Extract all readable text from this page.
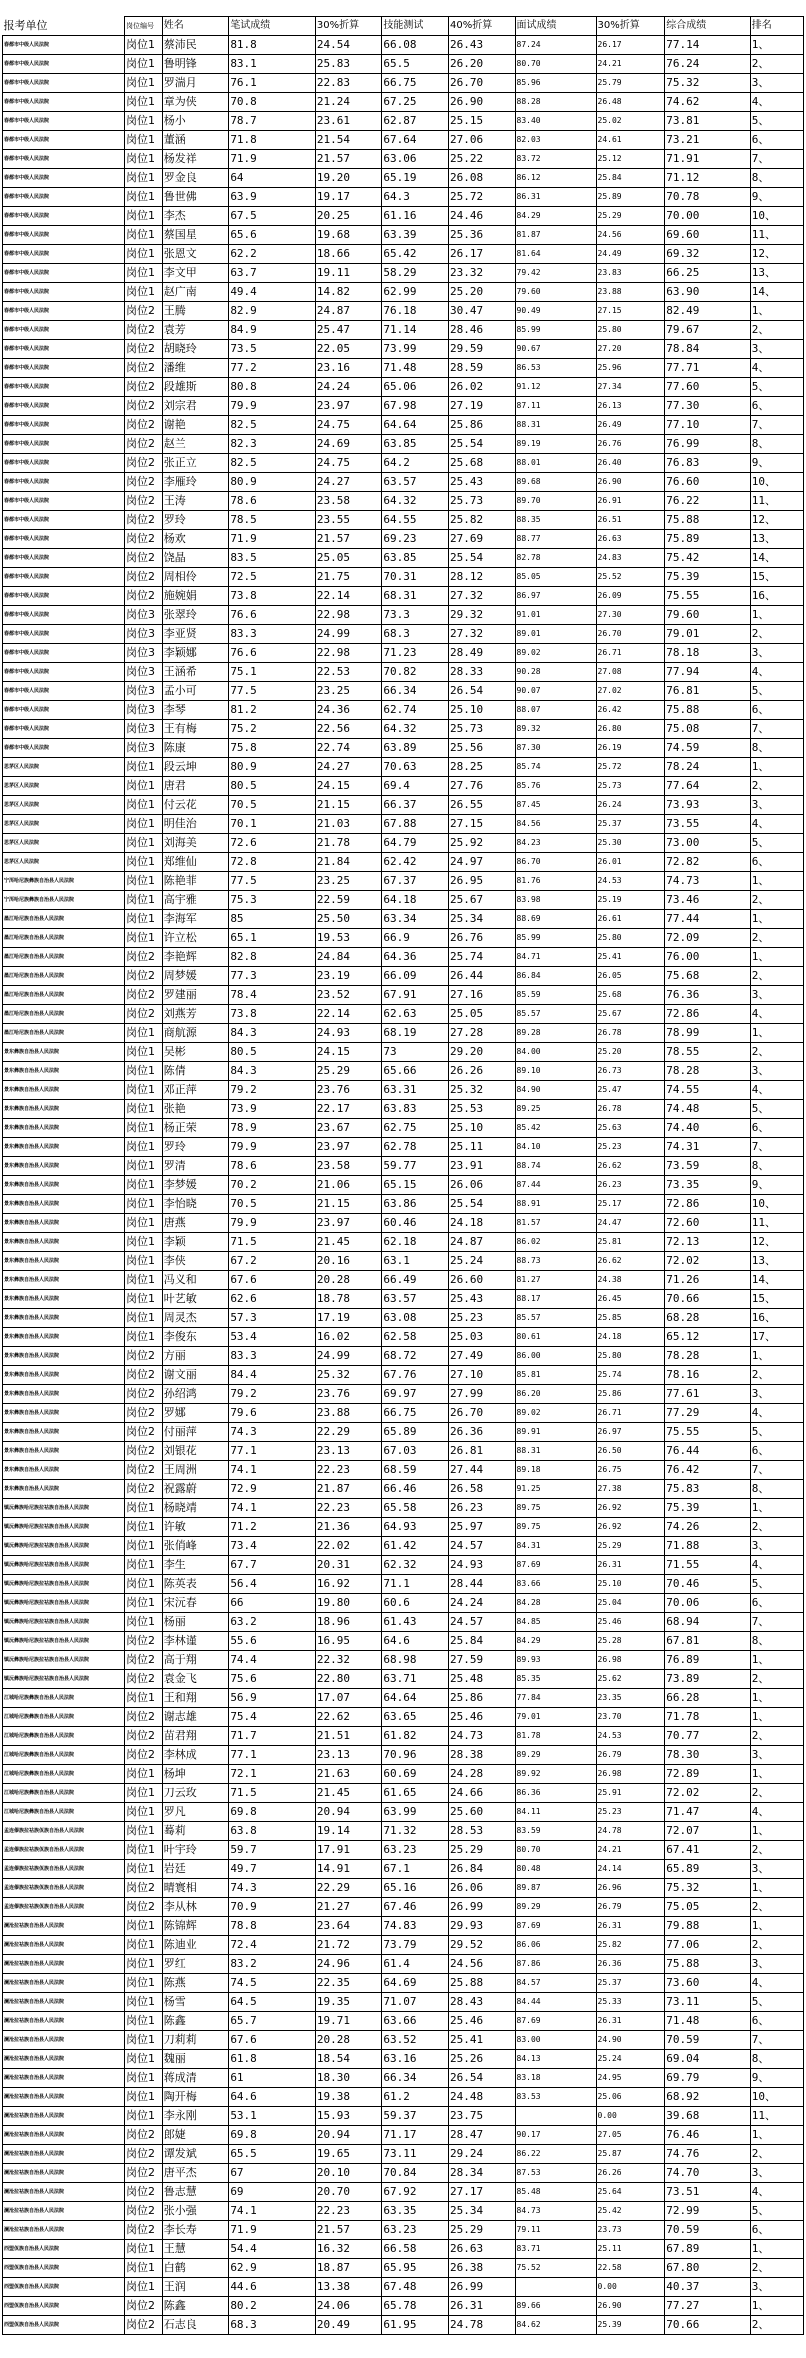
报考单位	岗位编号	姓名	笔试成绩	30%折算	技能测试	40%折算	面试成绩	30%折算	综合成绩	排名
春都市中级人民法院	岗位1	蔡沛民	81.8	24.54	66.08	26.43	87.24	26.17	77.14	1、
春都市中级人民法院	岗位1	鲁明锋	83.1	25.83	65.5	26.20	80.70	24.21	76.24	2、
春都市中级人民法院	岗位1	罗湍月	76.1	22.83	66.75	26.70	85.96	25.79	75.32	3、
春都市中级人民法院	岗位1	章为侠	70.8	21.24	67.25	26.90	88.28	26.48	74.62	4、
春都市中级人民法院	岗位1	杨小	78.7	23.61	62.87	25.15	83.40	25.02	73.81	5、
春都市中级人民法院	岗位1	董涵	71.8	21.54	67.64	27.06	82.03	24.61	73.21	6、
春都市中级人民法院	岗位1	杨发祥	71.9	21.57	63.06	25.22	83.72	25.12	71.91	7、
春都市中级人民法院	岗位1	罗金良	64	19.20	65.19	26.08	86.12	25.84	71.12	8、
春都市中级人民法院	岗位1	鲁世佛	63.9	19.17	64.3	25.72	86.31	25.89	70.78	9、
春都市中级人民法院	岗位1	李杰	67.5	20.25	61.16	24.46	84.29	25.29	70.00	10、
春都市中级人民法院	岗位1	蔡国星	65.6	19.68	63.39	25.36	81.87	24.56	69.60	11、
春都市中级人民法院	岗位1	张恩文	62.2	18.66	65.42	26.17	81.64	24.49	69.32	12、
春都市中级人民法院	岗位1	李文甲	63.7	19.11	58.29	23.32	79.42	23.83	66.25	13、
春都市中级人民法院	岗位1	赵广南	49.4	14.82	62.99	25.20	79.60	23.88	63.90	14、
春都市中级人民法院	岗位2	王腾	82.9	24.87	76.18	30.47	90.49	27.15	82.49	1、
春都市中级人民法院	岗位2	袁芳	84.9	25.47	71.14	28.46	85.99	25.80	79.67	2、
春都市中级人民法院	岗位2	胡晓玲	73.5	22.05	73.99	29.59	90.67	27.20	78.84	3、
春都市中级人民法院	岗位2	潘维	77.2	23.16	71.48	28.59	86.53	25.96	77.71	4、
春都市中级人民法院	岗位2	段雄斯	80.8	24.24	65.06	26.02	91.12	27.34	77.60	5、
春都市中级人民法院	岗位2	刘宗君	79.9	23.97	67.98	27.19	87.11	26.13	77.30	6、
春都市中级人民法院	岗位2	谢艳	82.5	24.75	64.64	25.86	88.31	26.49	77.10	7、
春都市中级人民法院	岗位2	赵兰	82.3	24.69	63.85	25.54	89.19	26.76	76.99	8、
春都市中级人民法院	岗位2	张正立	82.5	24.75	64.2	25.68	88.01	26.40	76.83	9、
春都市中级人民法院	岗位2	李雁玲	80.9	24.27	63.57	25.43	89.68	26.90	76.60	10、
春都市中级人民法院	岗位2	王涛	78.6	23.58	64.32	25.73	89.70	26.91	76.22	11、
春都市中级人民法院	岗位2	罗玲	78.5	23.55	64.55	25.82	88.35	26.51	75.88	12、
春都市中级人民法院	岗位2	杨欢	71.9	21.57	69.23	27.69	88.77	26.63	75.89	13、
春都市中级人民法院	岗位2	饶晶	83.5	25.05	63.85	25.54	82.78	24.83	75.42	14、
春都市中级人民法院	岗位2	周相伶	72.5	21.75	70.31	28.12	85.05	25.52	75.39	15、
春都市中级人民法院	岗位2	施婉娟	73.8	22.14	68.31	27.32	86.97	26.09	75.55	16、
春都市中级人民法院	岗位3	张翠玲	76.6	22.98	73.3	29.32	91.01	27.30	79.60	1、
春都市中级人民法院	岗位3	李亚贤	83.3	24.99	68.3	27.32	89.01	26.70	79.01	2、
春都市中级人民法院	岗位3	李颖娜	76.6	22.98	71.23	28.49	89.02	26.71	78.18	3、
春都市中级人民法院	岗位3	王涵希	75.1	22.53	70.82	28.33	90.28	27.08	77.94	4、
春都市中级人民法院	岗位3	孟小可	77.5	23.25	66.34	26.54	90.07	27.02	76.81	5、
春都市中级人民法院	岗位3	李琴	81.2	24.36	62.74	25.10	88.07	26.42	75.88	6、
春都市中级人民法院	岗位3	王有梅	75.2	22.56	64.32	25.73	89.32	26.80	75.08	7、
春都市中级人民法院	岗位3	陈康	75.8	22.74	63.89	25.56	87.30	26.19	74.59	8、
思茅区人民法院	岗位1	段云坤	80.9	24.27	70.63	28.25	85.74	25.72	78.24	1、
思茅区人民法院	岗位1	唐君	80.5	24.15	69.4	27.76	85.76	25.73	77.64	2、
思茅区人民法院	岗位1	付云花	70.5	21.15	66.37	26.55	87.45	26.24	73.93	3、
思茅区人民法院	岗位1	明佳治	70.1	21.03	67.88	27.15	84.56	25.37	73.55	4、
思茅区人民法院	岗位1	刘海美	72.6	21.78	64.79	25.92	84.23	25.30	73.00	5、
思茅区人民法院	岗位1	郑维仙	72.8	21.84	62.42	24.97	86.70	26.01	72.82	6、
宁洱哈尼族彝族自治县人民法院	岗位1	陈艳菲	77.5	23.25	67.37	26.95	81.76	24.53	74.73	1、
宁洱哈尼族彝族自治县人民法院	岗位1	高宇雅	75.3	22.59	64.18	25.67	83.98	25.19	73.46	2、
墨江哈尼族自治县人民法院	岗位1	李海军	85	25.50	63.34	25.34	88.69	26.61	77.44	1、
墨江哈尼族自治县人民法院	岗位1	许立松	65.1	19.53	66.9	26.76	85.99	25.80	72.09	2、
墨江哈尼族自治县人民法院	岗位2	李艳辉	82.8	24.84	64.36	25.74	84.71	25.41	76.00	1、
墨江哈尼族自治县人民法院	岗位2	周梦媛	77.3	23.19	66.09	26.44	86.84	26.05	75.68	2、
墨江哈尼族自治县人民法院	岗位2	罗建丽	78.4	23.52	67.91	27.16	85.59	25.68	76.36	3、
墨江哈尼族自治县人民法院	岗位2	刘燕芳	73.8	22.14	62.63	25.05	85.57	25.67	72.86	4、
墨江哈尼族自治县人民法院	岗位1	商航源	84.3	24.93	68.19	27.28	89.28	26.78	78.99	1、
景东彝族自治县人民法院	岗位1	吴彬	80.5	24.15	73	29.20	84.00	25.20	78.55	2、
景东彝族自治县人民法院	岗位1	陈倩	84.3	25.29	65.66	26.26	89.10	26.73	78.28	3、
景东彝族自治县人民法院	岗位1	邓正萍	79.2	23.76	63.31	25.32	84.90	25.47	74.55	4、
景东彝族自治县人民法院	岗位1	张艳	73.9	22.17	63.83	25.53	89.25	26.78	74.48	5、
景东彝族自治县人民法院	岗位1	杨正荣	78.9	23.67	62.75	25.10	85.42	25.63	74.40	6、
景东彝族自治县人民法院	岗位1	罗玲	79.9	23.97	62.78	25.11	84.10	25.23	74.31	7、
景东彝族自治县人民法院	岗位1	罗清	78.6	23.58	59.77	23.91	88.74	26.62	73.59	8、
景东彝族自治县人民法院	岗位1	李梦媛	70.2	21.06	65.15	26.06	87.44	26.23	73.35	9、
景东彝族自治县人民法院	岗位1	李怡晓	70.5	21.15	63.86	25.54	88.91	25.17	72.86	10、
景东彝族自治县人民法院	岗位1	唐燕	79.9	23.97	60.46	24.18	81.57	24.47	72.60	11、
景东彝族自治县人民法院	岗位1	李颖	71.5	21.45	62.18	24.87	86.02	25.81	72.13	12、
景东彝族自治县人民法院	岗位1	李侠	67.2	20.16	63.1	25.24	88.73	26.62	72.02	13、
景东彝族自治县人民法院	岗位1	冯义和	67.6	20.28	66.49	26.60	81.27	24.38	71.26	14、
景东彝族自治县人民法院	岗位1	叶艺敏	62.6	18.78	63.57	25.43	88.17	26.45	70.66	15、
景东彝族自治县人民法院	岗位1	周灵杰	57.3	17.19	63.08	25.23	85.57	25.85	68.28	16、
景东彝族自治县人民法院	岗位1	李俊东	53.4	16.02	62.58	25.03	80.61	24.18	65.12	17、
景东彝族自治县人民法院	岗位2	方丽	83.3	24.99	68.72	27.49	86.00	25.80	78.28	1、
景东彝族自治县人民法院	岗位2	谢文丽	84.4	25.32	67.76	27.10	85.81	25.74	78.16	2、
景东彝族自治县人民法院	岗位2	孙绍鸿	79.2	23.76	69.97	27.99	86.20	25.86	77.61	3、
景东彝族自治县人民法院	岗位2	罗娜	79.6	23.88	66.75	26.70	89.02	26.71	77.29	4、
景东彝族自治县人民法院	岗位2	付丽萍	74.3	22.29	65.89	26.36	89.91	26.97	75.55	5、
景东彝族自治县人民法院	岗位2	刘银花	77.1	23.13	67.03	26.81	88.31	26.50	76.44	6、
景东彝族自治县人民法院	岗位2	王周洲	74.1	22.23	68.59	27.44	89.18	26.75	76.42	7、
景东彝族自治县人民法院	岗位2	祝露蔚	72.9	21.87	66.46	26.58	91.25	27.38	75.83	8、
镇沅彝族哈尼族拉祜族自治县人民法院	岗位1	杨晓靖	74.1	22.23	65.58	26.23	89.75	26.92	75.39	1、
镇沅彝族哈尼族拉祜族自治县人民法院	岗位1	许敏	71.2	21.36	64.93	25.97	89.75	26.92	74.26	2、
镇沅彝族哈尼族拉祜族自治县人民法院	岗位1	张俏峰	73.4	22.02	61.42	24.57	84.31	25.29	71.88	3、
镇沅彝族哈尼族拉祜族自治县人民法院	岗位1	李生	67.7	20.31	62.32	24.93	87.69	26.31	71.55	4、
镇沅彝族哈尼族拉祜族自治县人民法院	岗位1	陈英表	56.4	16.92	71.1	28.44	83.66	25.10	70.46	5、
镇沅彝族哈尼族拉祜族自治县人民法院	岗位1	宋沅春	66	19.80	60.6	24.24	84.28	25.04	70.06	6、
镇沅彝族哈尼族拉祜族自治县人民法院	岗位1	杨丽	63.2	18.96	61.43	24.57	84.85	25.46	68.94	7、
镇沅彝族哈尼族拉祜族自治县人民法院	岗位2	李林谨	55.6	16.95	64.6	25.84	84.29	25.28	67.81	8、
镇沅彝族哈尼族拉祜族自治县人民法院	岗位2	高于翔	74.4	22.32	68.98	27.59	89.93	26.98	76.89	1、
镇沅彝族哈尼族拉祜族自治县人民法院	岗位2	袁金飞	75.6	22.80	63.71	25.48	85.35	25.62	73.89	2、
江城哈尼族彝族自治县人民法院	岗位1	王和翔	56.9	17.07	64.64	25.86	77.84	23.35	66.28	1、
江城哈尼族彝族自治县人民法院	岗位2	谢志雄	75.4	22.62	63.65	25.46	79.01	23.70	71.78	1、
江城哈尼族彝族自治县人民法院	岗位2	苗君翔	71.7	21.51	61.82	24.73	81.78	24.53	70.77	2、
江城哈尼族彝族自治县人民法院	岗位2	李林成	77.1	23.13	70.96	28.38	89.29	26.79	78.30	3、
江城哈尼族彝族自治县人民法院	岗位1	杨坤	72.1	21.63	60.69	24.28	89.92	26.98	72.89	1、
江城哈尼族彝族自治县人民法院	岗位1	刀云玫	71.5	21.45	61.65	24.66	86.36	25.91	72.02	2、
江城哈尼族彝族自治县人民法院	岗位1	罗凡	69.8	20.94	63.99	25.60	84.11	25.23	71.47	4、
孟连傣族拉祜族佤族自治县人民法院	岗位1	蓦莉	63.8	19.14	71.32	28.53	83.59	24.78	72.07	1、
孟连傣族拉祜族佤族自治县人民法院	岗位1	叶宇玲	59.7	17.91	63.23	25.29	80.70	24.21	67.41	2、
孟连傣族拉祜族佤族自治县人民法院	岗位1	岩廷	49.7	14.91	67.1	26.84	80.48	24.14	65.89	3、
孟连傣族拉祜族佤族自治县人民法院	岗位2	晴寰相	74.3	22.29	65.16	26.06	89.87	26.96	75.32	1、
孟连傣族拉祜族佤族自治县人民法院	岗位2	李从林	70.9	21.27	67.46	26.99	89.29	26.79	75.05	2、
澜沧拉祜族自治县人民法院	岗位1	陈锦辉	78.8	23.64	74.83	29.93	87.69	26.31	79.88	1、
澜沧拉祜族自治县人民法院	岗位1	陈迪业	72.4	21.72	73.79	29.52	86.06	25.82	77.06	2、
澜沧拉祜族自治县人民法院	岗位1	罗红	83.2	24.96	61.4	24.56	87.86	26.36	75.88	3、
澜沧拉祜族自治县人民法院	岗位1	陈燕	74.5	22.35	64.69	25.88	84.57	25.37	73.60	4、
澜沧拉祜族自治县人民法院	岗位1	杨雪	64.5	19.35	71.07	28.43	84.44	25.33	73.11	5、
澜沧拉祜族自治县人民法院	岗位1	陈鑫	65.7	19.71	63.66	25.46	87.69	26.31	71.48	6、
澜沧拉祜族自治县人民法院	岗位1	刀莉莉	67.6	20.28	63.52	25.41	83.00	24.90	70.59	7、
澜沧拉祜族自治县人民法院	岗位1	魏丽	61.8	18.54	63.16	25.26	84.13	25.24	69.04	8、
澜沧拉祜族自治县人民法院	岗位1	蒋成清	61	18.30	66.34	26.54	83.18	24.95	69.79	9、
澜沧拉祜族自治县人民法院	岗位1	陶开梅	64.6	19.38	61.2	24.48	83.53	25.06	68.92	10、
澜沧拉祜族自治县人民法院	岗位1	李永刚	53.1	15.93	59.37	23.75		0.00	39.68	11、
澜沧拉祜族自治县人民法院	岗位2	郎婕	69.8	20.94	71.17	28.47	90.17	27.05	76.46	1、
澜沧拉祜族自治县人民法院	岗位2	谭发斌	65.5	19.65	73.11	29.24	86.22	25.87	74.76	2、
澜沧拉祜族自治县人民法院	岗位2	唐平杰	67	20.10	70.84	28.34	87.53	26.26	74.70	3、
澜沧拉祜族自治县人民法院	岗位2	鲁志慧	69	20.70	67.92	27.17	85.48	25.64	73.51	4、
澜沧拉祜族自治县人民法院	岗位2	张小强	74.1	22.23	63.35	25.34	84.73	25.42	72.99	5、
澜沧拉祜族自治县人民法院	岗位2	李长寿	71.9	21.57	63.23	25.29	79.11	23.73	70.59	6、
西盟佤族自治县人民法院	岗位1	王慧	54.4	16.32	66.58	26.63	83.71	25.11	67.89	1、
西盟佤族自治县人民法院	岗位1	白鹤	62.9	18.87	65.95	26.38	75.52	22.58	67.80	2、
西盟佤族自治县人民法院	岗位1	王润	44.6	13.38	67.48	26.99		0.00	40.37	3、
西盟佤族自治县人民法院	岗位2	陈鑫	80.2	24.06	65.78	26.31	89.66	26.90	77.27	1、
西盟佤族自治县人民法院	岗位2	石志良	68.3	20.49	61.95	24.78	84.62	25.39	70.66	2、
